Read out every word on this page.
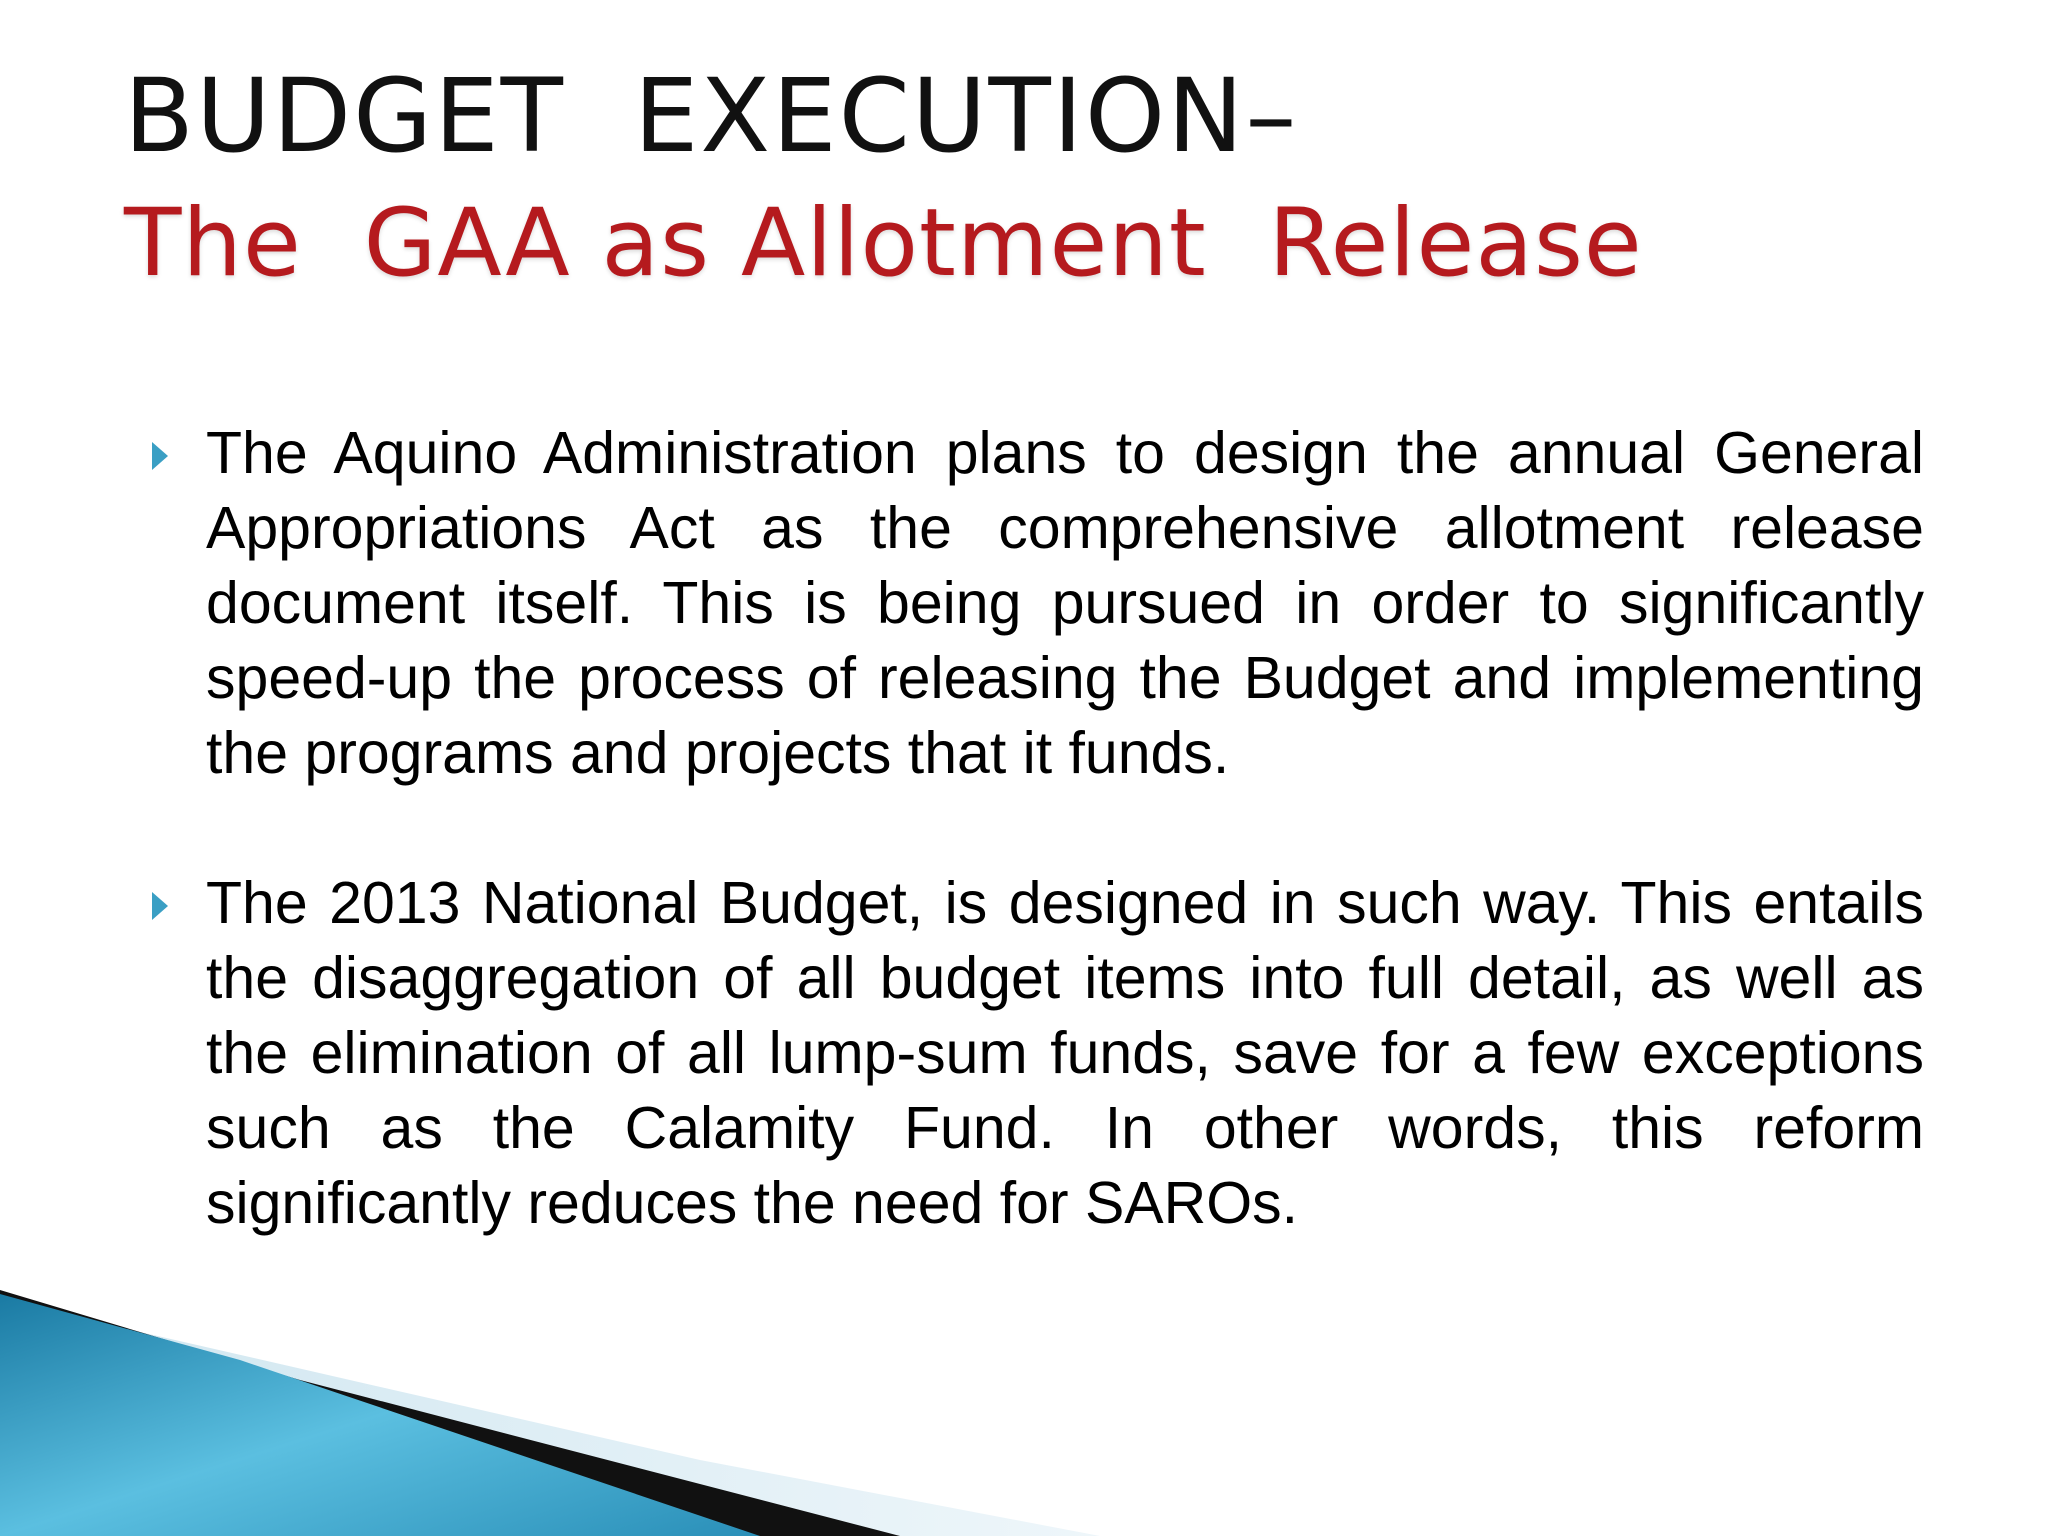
BUDGET  EXECUTION–
The  GAA as Allotment  Release

The Aquino Administration plans to design the annual General Appropriations Act as the comprehensive allotment release document itself. This is being pursued in order to significantly speed-up the process of releasing the Budget and implementing the programs and projects that it funds.

The 2013 National Budget, is designed in such way. This entails the disaggregation of all budget items into full detail, as well as the elimination of all lump-sum funds, save for a few exceptions such as the Calamity Fund. In other words, this reform significantly reduces the need for SAROs.
